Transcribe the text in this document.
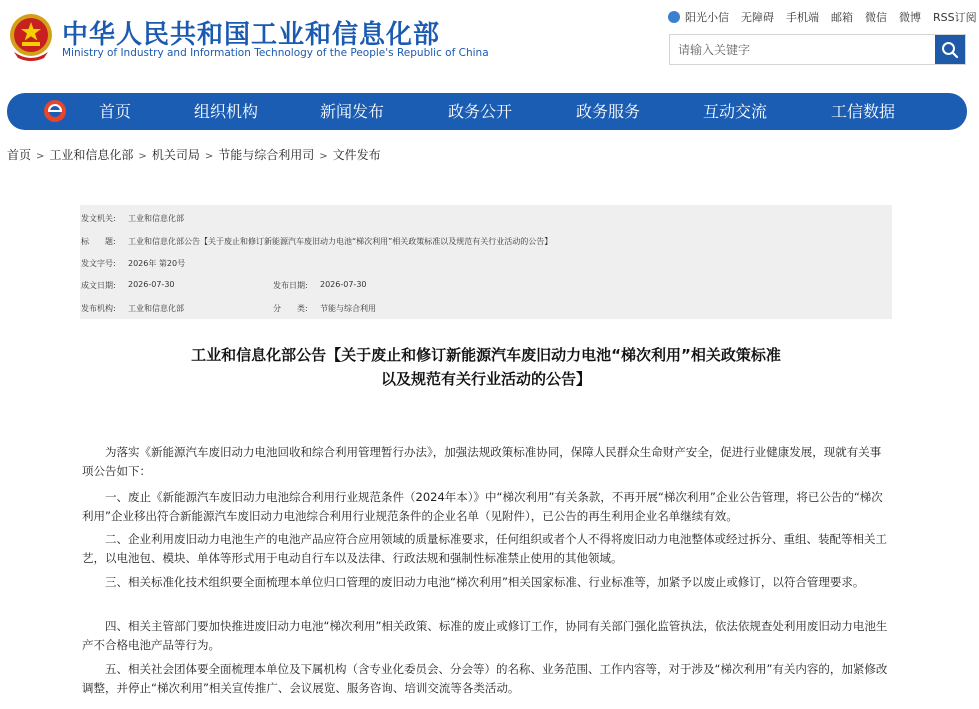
中华人民共和国工业和信息化部
Ministry of Industry and Information Technology of the People's Republic of China
阳光小信 无障碍 手机端 邮箱 微信 微博 RSS订阅
请输入关键字
首页	组织机构	新闻发布	政务公开	政务服务	互动交流	工信数据
首页 > 工业和信息化部 > 机关司局 > 节能与综合利用司 > 文件发布
发文机关: 工业和信息化部
标　　题: 工业和信息化部公告【关于废止和修订新能源汽车废旧动力电池“梯次利用”相关政策标准以及规范有关行业活动的公告】
发文字号: 2026年 第20号
成文日期: 2026-07-30	发布日期: 2026-07-30
发布机构: 工业和信息化部	分　　类: 节能与综合利用
工业和信息化部公告【关于废止和修订新能源汽车废旧动力电池“梯次利用”相关政策标准
以及规范有关行业活动的公告】

为落实《新能源汽车废旧动力电池回收和综合利用管理暂行办法》，加强法规政策标准协同，保障人民群众生命财产安全，促进行业健康发展，现就有关事项公告如下：

一、废止《新能源汽车废旧动力电池综合利用行业规范条件（2024年本）》中“梯次利用”有关条款，不再开展“梯次利用”企业公告管理，将已公告的“梯次利用”企业移出符合新能源汽车废旧动力电池综合利用行业规范条件的企业名单（见附件），已公告的再生利用企业名单继续有效。

二、企业利用废旧动力电池生产的电池产品应符合应用领域的质量标准要求，任何组织或者个人不得将废旧动力电池整体或经过拆分、重组、装配等相关工艺，以电池包、模块、单体等形式用于电动自行车以及法律、行政法规和强制性标准禁止使用的其他领域。

三、相关标准化技术组织要全面梳理本单位归口管理的废旧动力电池“梯次利用”相关国家标准、行业标准等，加紧予以废止或修订，以符合管理要求。

四、相关主管部门要加快推进废旧动力电池“梯次利用”相关政策、标准的废止或修订工作，协同有关部门强化监管执法，依法依规查处利用废旧动力电池生产不合格电池产品等行为。

五、相关社会团体要全面梳理本单位及下属机构（含专业化委员会、分会等）的名称、业务范围、工作内容等，对于涉及“梯次利用”有关内容的，加紧修改调整，并停止“梯次利用”相关宣传推广、会议展览、服务咨询、培训交流等各类活动。
